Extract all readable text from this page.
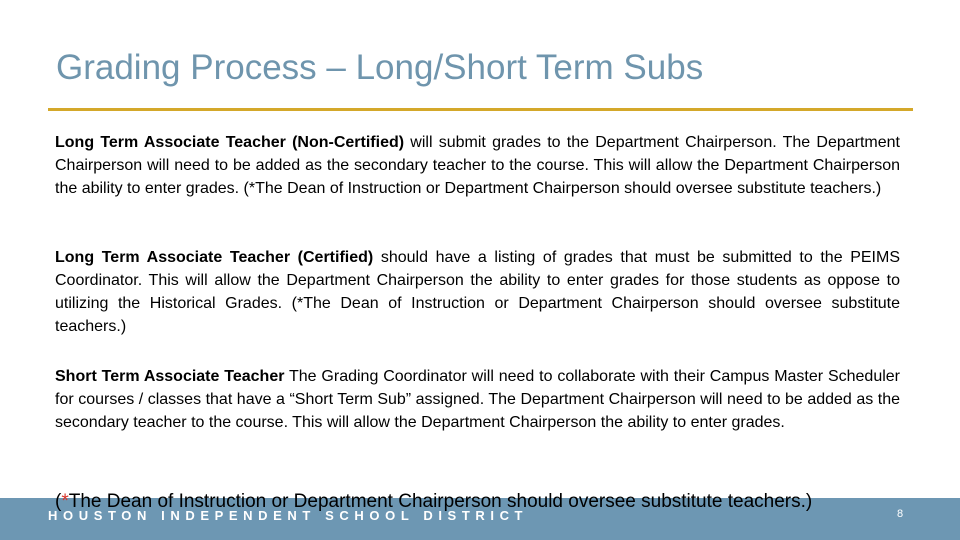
Grading Process – Long/Short Term Subs

Long Term Associate Teacher (Non-Certified) will submit grades to the Department Chairperson. The Department Chairperson will need to be added as the secondary teacher to the course. This will allow the Department Chairperson the ability to enter grades. (*The Dean of Instruction or Department Chairperson should oversee substitute teachers.)

Long Term Associate Teacher (Certified) should have a listing of grades that must be submitted to the PEIMS Coordinator. This will allow the Department Chairperson the ability to enter grades for those students as oppose to utilizing the Historical Grades. (*The Dean of Instruction or Department Chairperson should oversee substitute teachers.)

Short Term Associate Teacher The Grading Coordinator will need to collaborate with their Campus Master Scheduler for courses / classes that have a “Short Term Sub” assigned. The Department Chairperson will need to be added as the secondary teacher to the course. This will allow the Department Chairperson the ability to enter grades.

HOUSTON INDEPENDENT SCHOOL DISTRICT	8

(*The Dean of Instruction or Department Chairperson should oversee substitute teachers.)
